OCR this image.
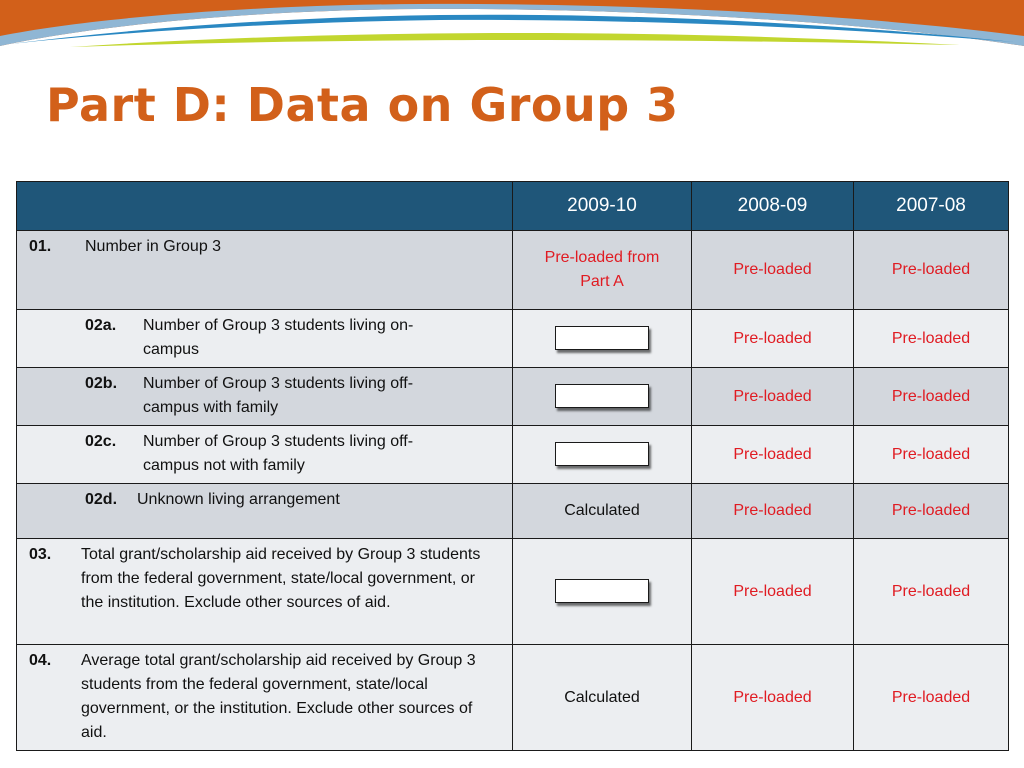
Part D: Data on Group 3
	2009-10	2008-09	2007-08

01. Number in Group 3	Pre-loaded from Part A	Pre-loaded	Pre-loaded

02a. Number of Group 3 students living on-campus		Pre-loaded	Pre-loaded

02b. Number of Group 3 students living off-campus with family		Pre-loaded	Pre-loaded

02c. Number of Group 3 students living off-campus not with family		Pre-loaded	Pre-loaded

02d. Unknown living arrangement	Calculated	Pre-loaded	Pre-loaded

03. Total grant/scholarship aid received by Group 3 students from the federal government, state/local government, or the institution. Exclude other sources of aid.		Pre-loaded	Pre-loaded

04. Average total grant/scholarship aid received by Group 3 students from the federal government, state/local government, or the institution. Exclude other sources of aid.	Calculated	Pre-loaded	Pre-loaded
